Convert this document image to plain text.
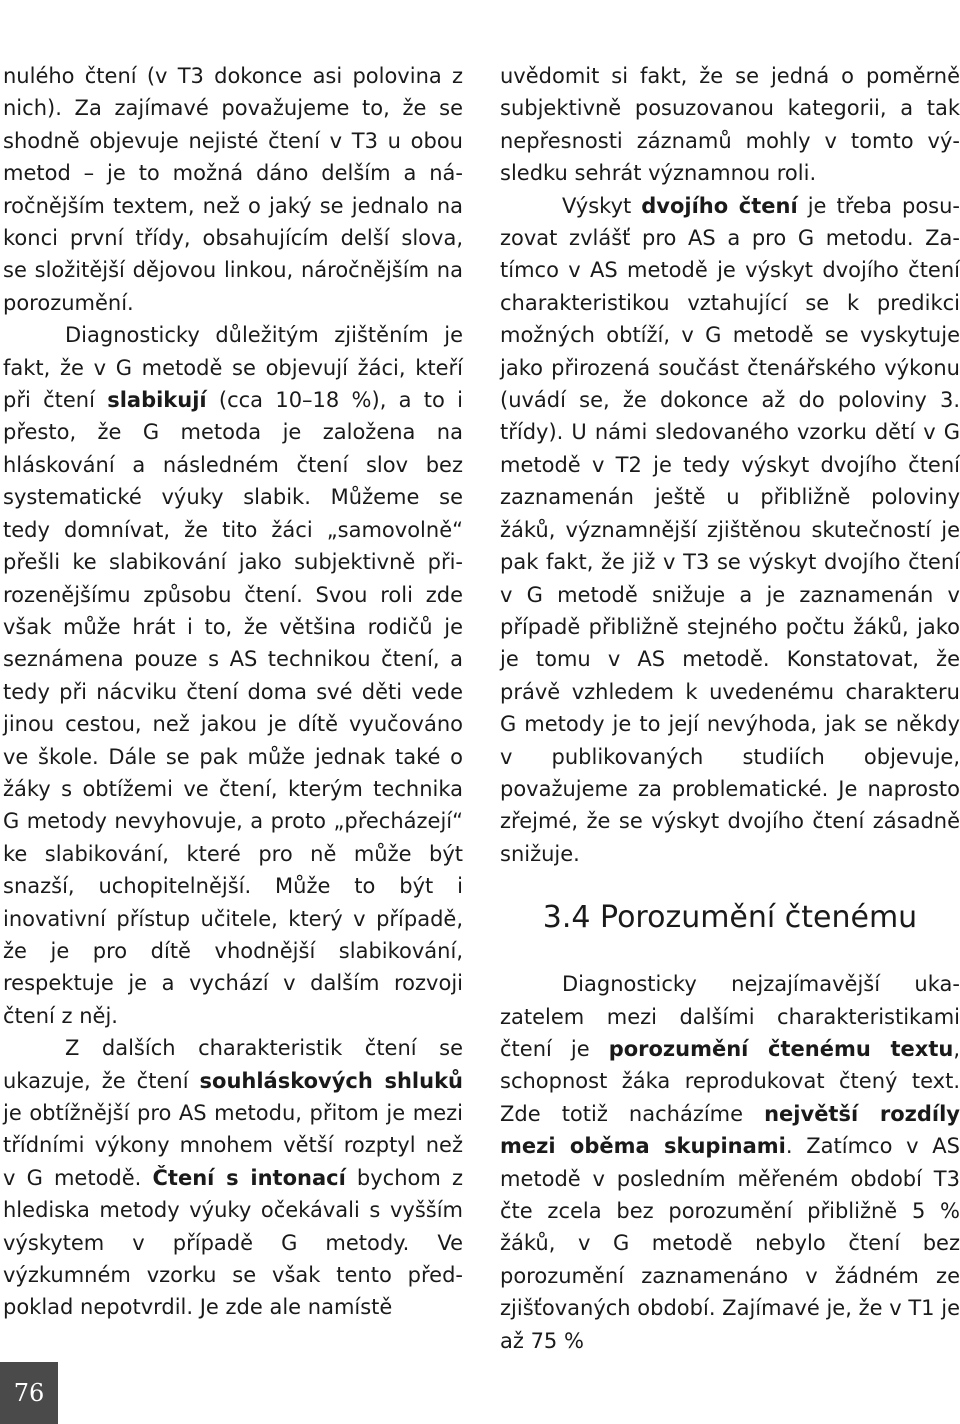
nulého čtení (v T3 dokonce asi polovina z nich). Za zajímavé považujeme to, že se shodně objevuje nejisté čtení v T3 u obou metod – je to možná dáno delším a náročnějším textem, než o jaký se jednalo na konci první třídy, obsahujícím delší slova, se složitější dějovou linkou, náročnějším na porozumění.

Diagnosticky důležitým zjištěním je fakt, že v G metodě se objevují žáci, kteří při čtení slabikují (cca 10–18 %), a to i přesto, že G metoda je založena na hláskování a následném čtení slov bez systematické výuky slabik. Můžeme se tedy domnívat, že tito žáci „samovolně“ přešli ke slabikování jako subjektivně přirozenějšímu způsobu čtení. Svou roli zde však může hrát i to, že většina rodičů je seznámena pouze s AS technikou čtení, a tedy při nácviku čtení doma své děti vede jinou cestou, než jakou je dítě vyučováno ve škole. Dále se pak může jednak také o žáky s obtížemi ve čtení, kterým technika G metody nevyhovuje, a proto „přecházejí“ ke slabikování, které pro ně může být snazší, uchopitelnější. Může to být i inovativní přístup učitele, který v případě, že je pro dítě vhodnější slabikování, respektuje je a vychází v dalším rozvoji čtení z něj.

Z dalších charakteristik čtení se ukazuje, že čtení souhláskových shluků je obtížnější pro AS metodu, přitom je mezi třídními výkony mnohem větší rozptyl než v G metodě. Čtení s intonací bychom z hlediska metody výuky očekávali s vyšším výskytem v případě G metody. Ve výzkumném vzorku se však tento předpoklad nepotvrdil. Je zde ale namístě

uvědomit si fakt, že se jedná o poměrně subjektivně posuzovanou kategorii, a tak nepřesnosti záznamů mohly v tomto výsledku sehrát významnou roli.

Výskyt dvojího čtení je třeba posuzovat zvlášť pro AS a pro G metodu. Zatímco v AS metodě je výskyt dvojího čtení charakteristikou vztahující se k predikci možných obtíží, v G metodě se vyskytuje jako přirozená součást čtenářského výkonu (uvádí se, že dokonce až do poloviny 3. třídy). U námi sledovaného vzorku dětí v G metodě v T2 je tedy výskyt dvojího čtení zaznamenán ještě u přibližně poloviny žáků, významnější zjištěnou skutečností je pak fakt, že již v T3 se výskyt dvojího čtení v G metodě snižuje a je zaznamenán v případě přibližně stejného počtu žáků, jako je tomu v AS metodě. Konstatovat, že právě vzhledem k uvedenému charakteru G metody je to její nevýhoda, jak se někdy v publikovaných studiích objevuje, považujeme za problematické. Je naprosto zřejmé, že se výskyt dvojího čtení zásadně snižuje.

3.4 Porozumění čtenému

Diagnosticky nejzajímavější ukazatelem mezi dalšími charakteristikami čtení je porozumění čtenému textu, schopnost žáka reprodukovat čtený text. Zde totiž nacházíme největší rozdíly mezi oběma skupinami. Zatímco v AS metodě v posledním měřeném období T3 čte zcela bez porozumění přibližně 5 % žáků, v G metodě nebylo čtení bez porozumění zaznamenáno v žádném ze zjišťovaných období. Zajímavé je, že v T1 je až 75 %

76
